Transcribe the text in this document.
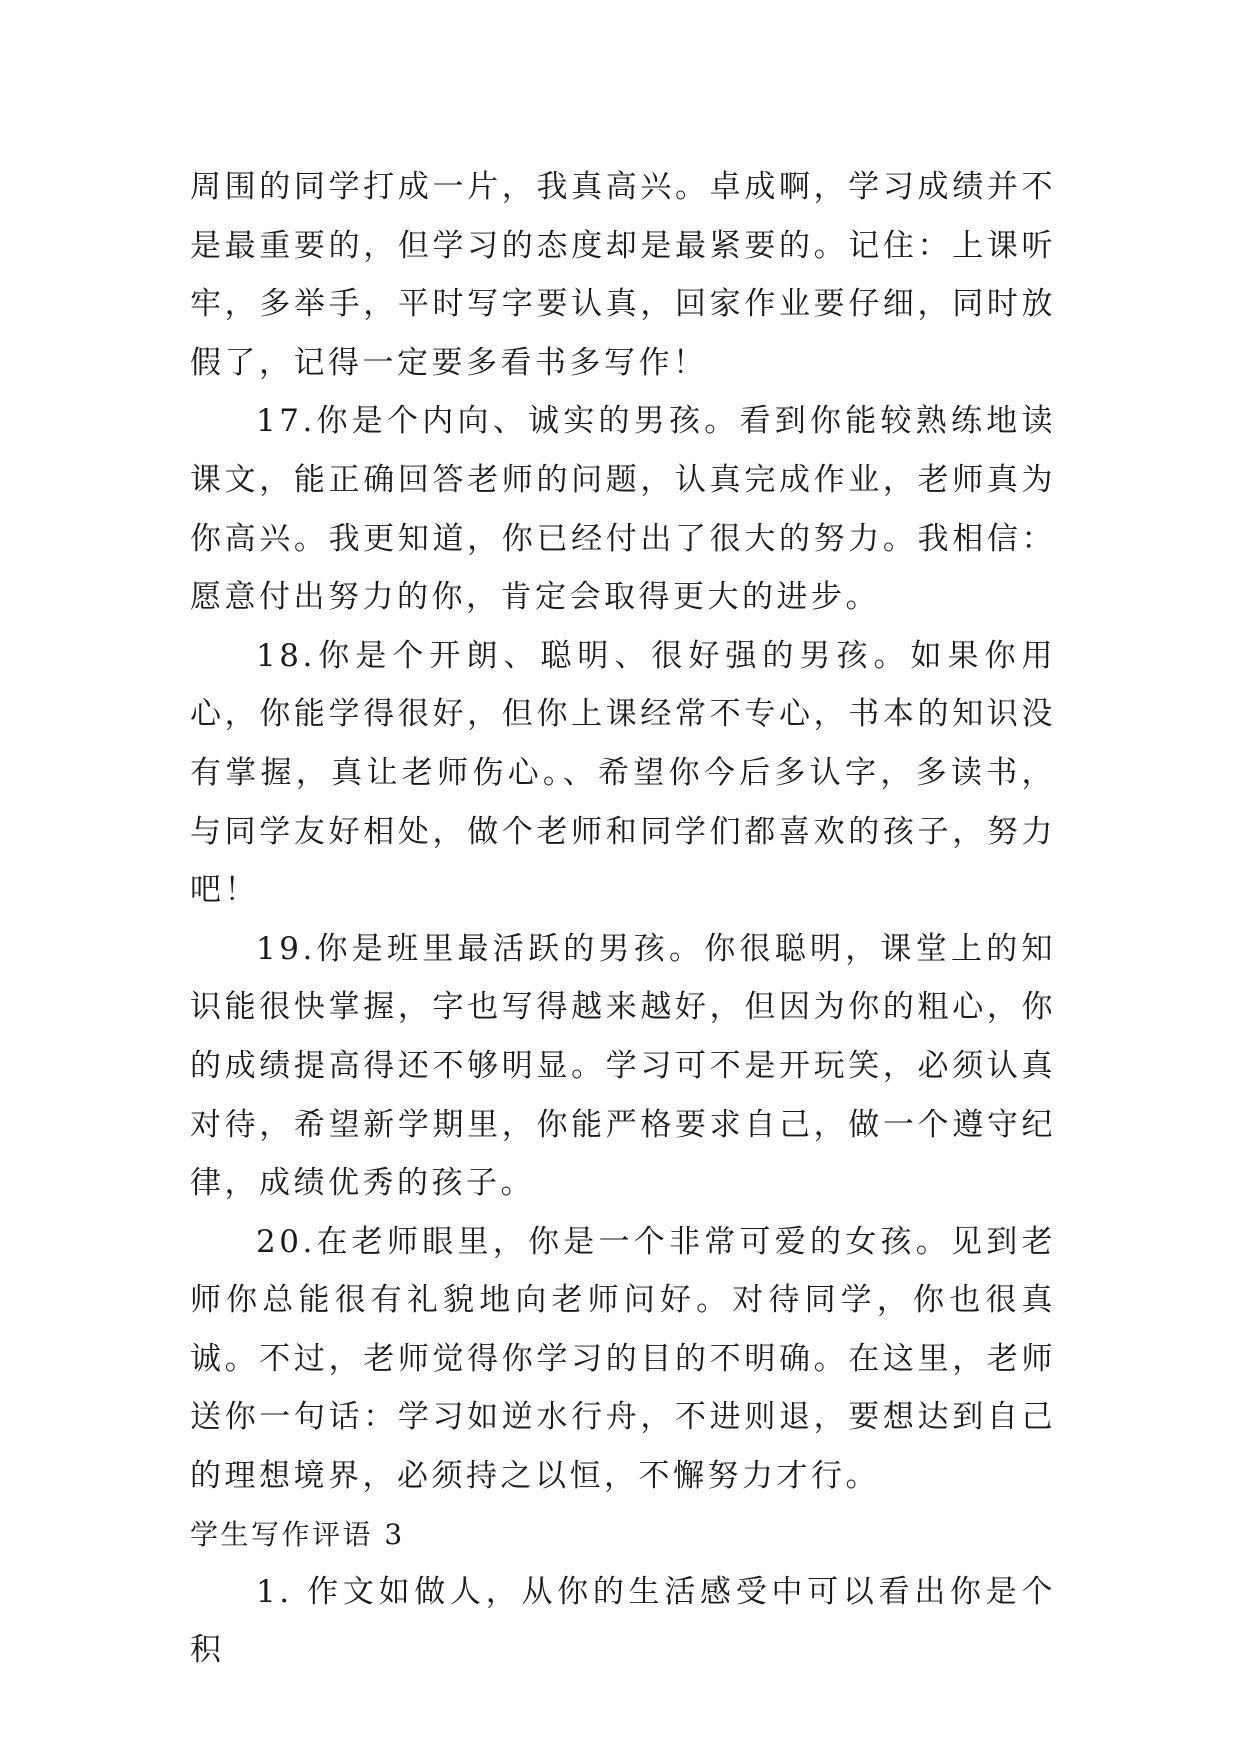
周围的同学打成一片，我真高兴。卓成啊，学习成绩并不是最重要的，但学习的态度却是最紧要的。记住：上课听牢，多举手，平时写字要认真，回家作业要仔细，同时放假了，记得一定要多看书多写作！

17.你是个内向、诚实的男孩。看到你能较熟练地读课文，能正确回答老师的问题，认真完成作业，老师真为你高兴。我更知道，你已经付出了很大的努力。我相信：愿意付出努力的你，肯定会取得更大的进步。

18.你是个开朗、聪明、很好强的男孩。如果你用心，你能学得很好，但你上课经常不专心，书本的知识没有掌握，真让老师伤心。、希望你今后多认字，多读书，与同学友好相处，做个老师和同学们都喜欢的孩子，努力吧！

19.你是班里最活跃的男孩。你很聪明，课堂上的知识能很快掌握，字也写得越来越好，但因为你的粗心，你的成绩提高得还不够明显。学习可不是开玩笑，必须认真对待，希望新学期里，你能严格要求自己，做一个遵守纪律，成绩优秀的孩子。

20.在老师眼里，你是一个非常可爱的女孩。见到老师你总能很有礼貌地向老师问好。对待同学，你也很真诚。不过，老师觉得你学习的目的不明确。在这里，老师送你一句话：学习如逆水行舟，不进则退，要想达到自己的理想境界，必须持之以恒，不懈努力才行。

学生写作评语 3

1. 作文如做人，从你的生活感受中可以看出你是个积
